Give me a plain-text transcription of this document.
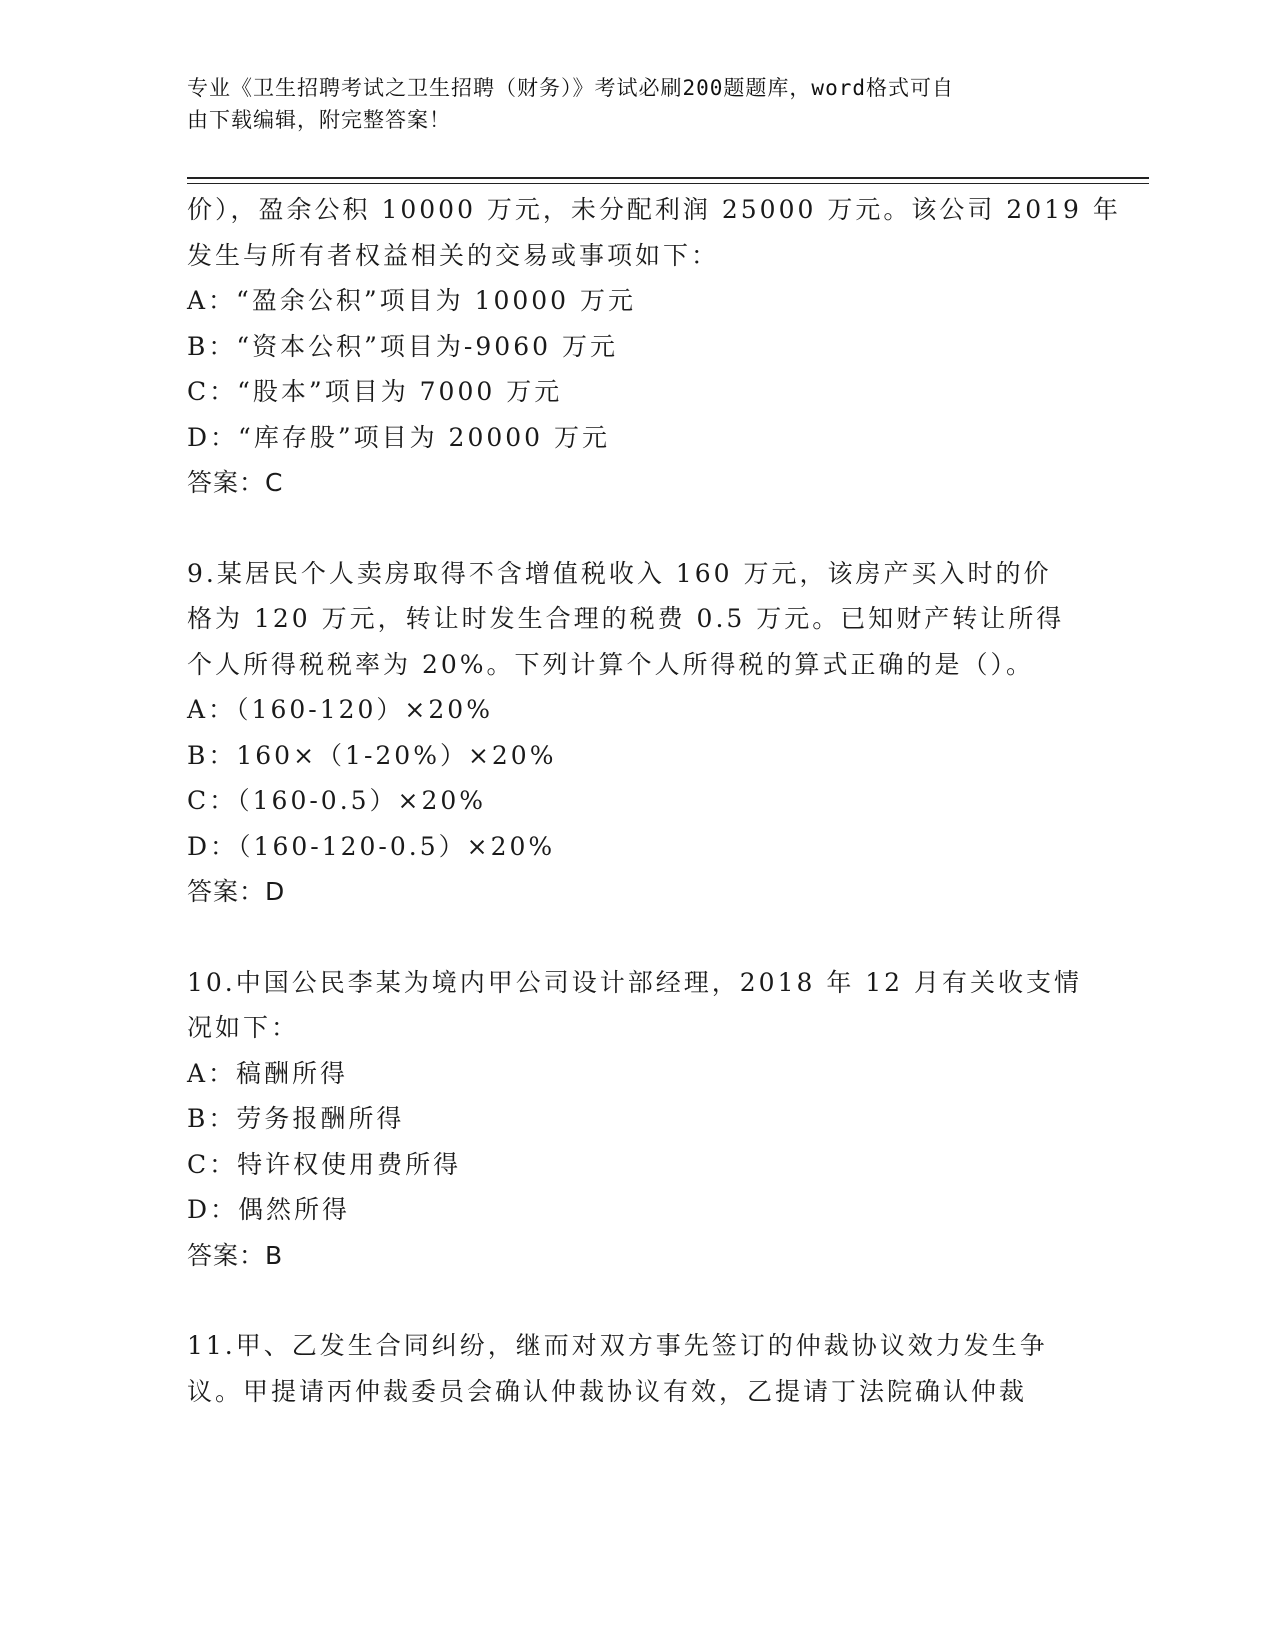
专业《卫生招聘考试之卫生招聘（财务）》考试必刷200题题库，word格式可自
由下载编辑，附完整答案！
价），盈余公积 10000 万元，未分配利润 25000 万元。该公司 2019 年
发生与所有者权益相关的交易或事项如下：
A：“盈余公积”项目为 10000 万元
B：“资本公积”项目为-9060 万元
C：“股本”项目为 7000 万元
D：“库存股”项目为 20000 万元
答案：C
9.某居民个人卖房取得不含增值税收入 160 万元，该房产买入时的价
格为 120 万元，转让时发生合理的税费 0.5 万元。已知财产转让所得
个人所得税税率为 20%。下列计算个人所得税的算式正确的是（）。
A：（160-120）×20%
B：160×（1-20%）×20%
C：（160-0.5）×20%
D：（160-120-0.5）×20%
答案：D
10.中国公民李某为境内甲公司设计部经理，2018 年 12 月有关收支情
况如下：
A：稿酬所得
B：劳务报酬所得
C：特许权使用费所得
D：偶然所得
答案：B
11.甲、乙发生合同纠纷，继而对双方事先签订的仲裁协议效力发生争
议。甲提请丙仲裁委员会确认仲裁协议有效，乙提请丁法院确认仲裁
